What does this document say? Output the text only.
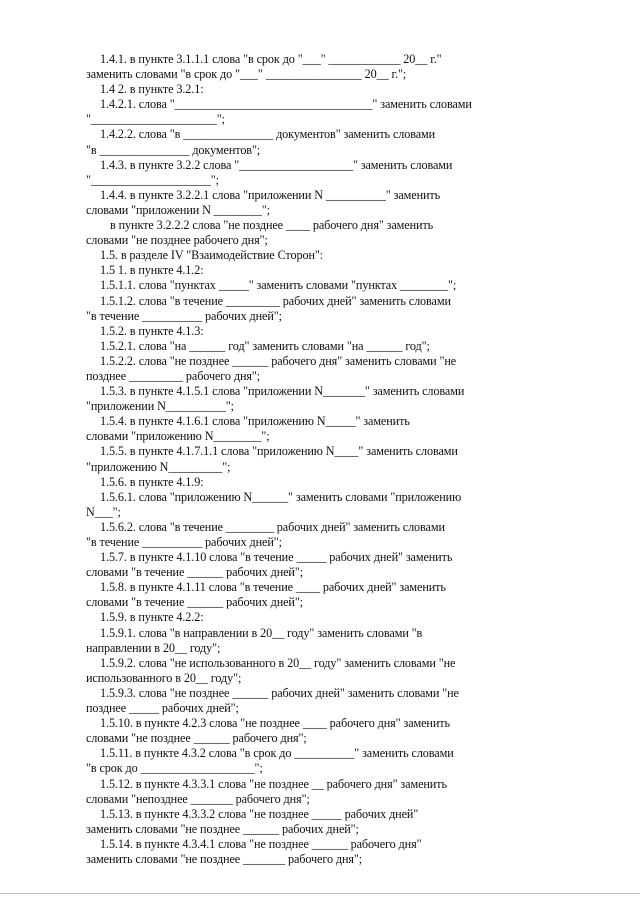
1.4.1. в пункте 3.1.1.1 слова "в срок до "___" ____________ 20__ г."
заменить словами "в срок до "___" ________________ 20__ г.";
1.4 2. в пункте 3.2.1:
1.4.2.1. слова "_________________________________" заменить словами
"_____________________";
1.4.2.2. слова "в _______________ документов" заменить словами
"в _______________ документов";
1.4.3. в пункте 3.2.2 слова "___________________" заменить словами
"____________________";
1.4.4. в пункте 3.2.2.1 слова "приложении N __________" заменить
словами "приложении N ________";
в пункте 3.2.2.2 слова "не позднее ____ рабочего дня" заменить
словами "не позднее рабочего дня";
1.5. в разделе IV "Взаимодействие Сторон":
1.5 1. в пункте 4.1.2:
1.5.1.1. слова "пунктах _____" заменить словами "пунктах ________";
1.5.1.2. слова "в течение _________ рабочих дней" заменить словами
"в течение __________ рабочих дней";
1.5.2. в пункте 4.1.3:
1.5.2.1. слова "на ______ год" заменить словами "на ______ год";
1.5.2.2. слова "не позднее ______ рабочего дня" заменить словами "не
позднее _________ рабочего дня";
1.5.3. в пункте 4.1.5.1 слова "приложении N_______" заменить словами
"приложении N__________";
1.5.4. в пункте 4.1.6.1 слова "приложению N_____" заменить
словами "приложению N________";
1.5.5. в пункте 4.1.7.1.1 слова "приложению N____" заменить словами
"приложению N_________";
1.5.6. в пункте 4.1.9:
1.5.6.1. слова "приложению N______" заменить словами "приложению
N___";
1.5.6.2. слова "в течение ________ рабочих дней" заменить словами
"в течение __________ рабочих дней";
1.5.7. в пункте 4.1.10 слова "в течение _____ рабочих дней" заменить
словами "в течение ______ рабочих дней";
1.5.8. в пункте 4.1.11 слова "в течение ____ рабочих дней" заменить
словами "в течение ______ рабочих дней";
1.5.9. в пункте 4.2.2:
1.5.9.1. слова "в направлении в 20__ году" заменить словами "в
направлении в 20__ году";
1.5.9.2. слова "не использованного в 20__ году" заменить словами "не
использованного в 20__ году";
1.5.9.3. слова "не позднее ______ рабочих дней" заменить словами "не
позднее _____ рабочих дней";
1.5.10. в пункте 4.2.3 слова "не позднее ____ рабочего дня" заменить
словами "не позднее ______ рабочего дня";
1.5.11. в пункте 4.3.2 слова "в срок до __________" заменить словами
"в срок до ___________________";
1.5.12. в пункте 4.3.3.1 слова "не позднее __ рабочего дня" заменить
словами "непозднее _______ рабочего дня";
1.5.13. в пункте 4.3.3.2 слова "не позднее _____ рабочих дней"
заменить словами "не позднее ______ рабочих дней";
1.5.14. в пункте 4.3.4.1 слова "не позднее ______ рабочего дня"
заменить словами "не позднее _______ рабочего дня";
